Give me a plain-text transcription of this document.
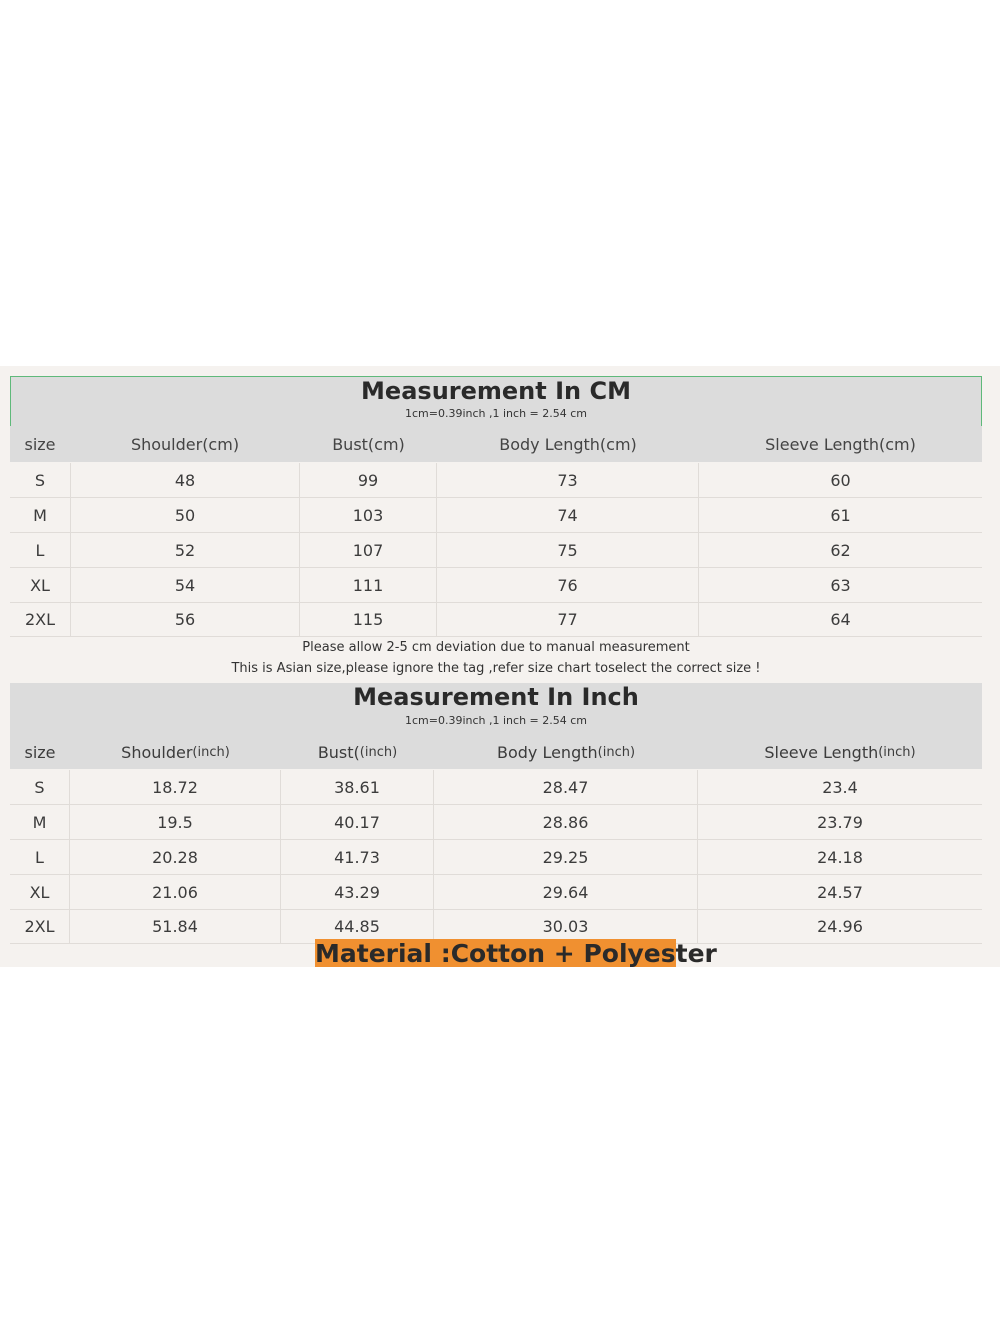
Measurement In CM
1cm=0.39inch ,1 inch = 2.54 cm
size	Shoulder(cm)	Bust(cm)	Body Length(cm)	Sleeve Length(cm)
S	48	99	73	60
M	50	103	74	61
L	52	107	75	62
XL	54	111	76	63
2XL	56	115	77	64
Please allow 2-5 cm deviation due to manual measurement
This is Asian size,please ignore the tag ,refer size chart toselect the correct size !
Measurement In Inch
1cm=0.39inch ,1 inch = 2.54 cm
size	Shoulder (inch)	Bust( (inch)	Body Length (inch)	Sleeve Length (inch)
S	18.72	38.61	28.47	23.4
M	19.5	40.17	28.86	23.79
L	20.28	41.73	29.25	24.18
XL	21.06	43.29	29.64	24.57
2XL	51.84	44.85	30.03	24.96
Material :Cotton + Polyester
